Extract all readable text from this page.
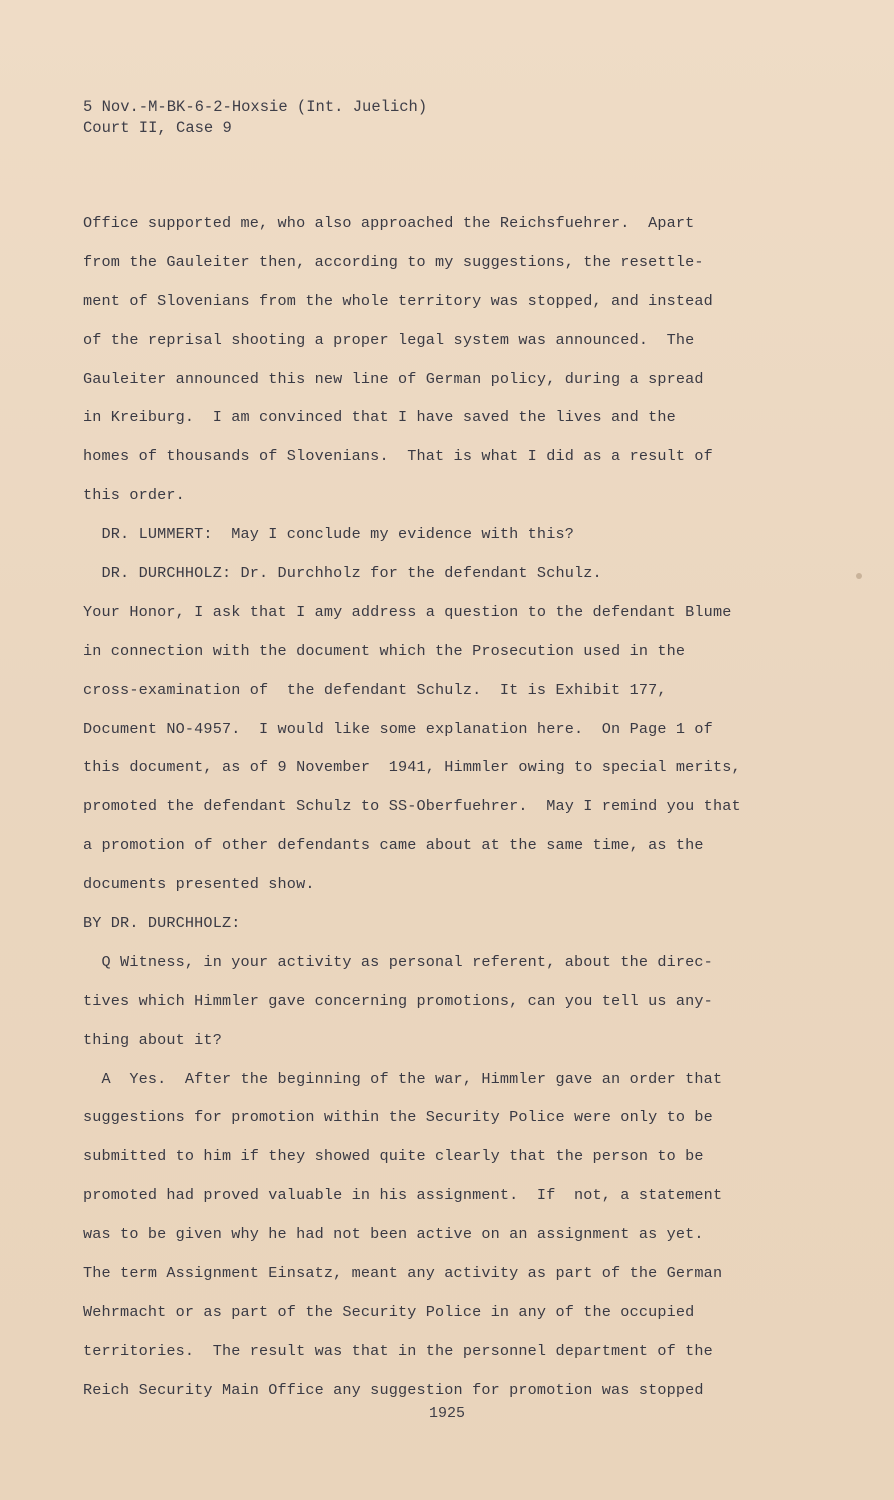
5 Nov.-M-BK-6-2-Hoxsie (Int. Juelich)
Court II, Case 9
Office supported me, who also approached the Reichsfuehrer.  Apart
from the Gauleiter then, according to my suggestions, the resettle-
ment of Slovenians from the whole territory was stopped, and instead
of the reprisal shooting a proper legal system was announced.  The
Gauleiter announced this new line of German policy, during a spread
in Kreiburg.  I am convinced that I have saved the lives and the
homes of thousands of Slovenians.  That is what I did as a result of
this order.
DR. LUMMERT:  May I conclude my evidence with this?
DR. DURCHHOLZ: Dr. Durchholz for the defendant Schulz.
Your Honor, I ask that I amy address a question to the defendant Blume
in connection with the document which the Prosecution used in the
cross-examination of  the defendant Schulz.  It is Exhibit 177,
Document NO-4957.  I would like some explanation here.  On Page 1 of
this document, as of 9 November  1941, Himmler owing to special merits,
promoted the defendant Schulz to SS-Oberfuehrer.  May I remind you that
a promotion of other defendants came about at the same time, as the
documents presented show.
BY DR. DURCHHOLZ:
Q Witness, in your activity as personal referent, about the direc-
tives which Himmler gave concerning promotions, can you tell us any-
thing about it?
A  Yes.  After the beginning of the war, Himmler gave an order that
suggestions for promotion within the Security Police were only to be
submitted to him if they showed quite clearly that the person to be
promoted had proved valuable in his assignment.  If  not, a statement
was to be given why he had not been active on an assignment as yet.
The term Assignment Einsatz, meant any activity as part of the German
Wehrmacht or as part of the Security Police in any of the occupied
territories.  The result was that in the personnel department of the
Reich Security Main Office any suggestion for promotion was stopped
1925
